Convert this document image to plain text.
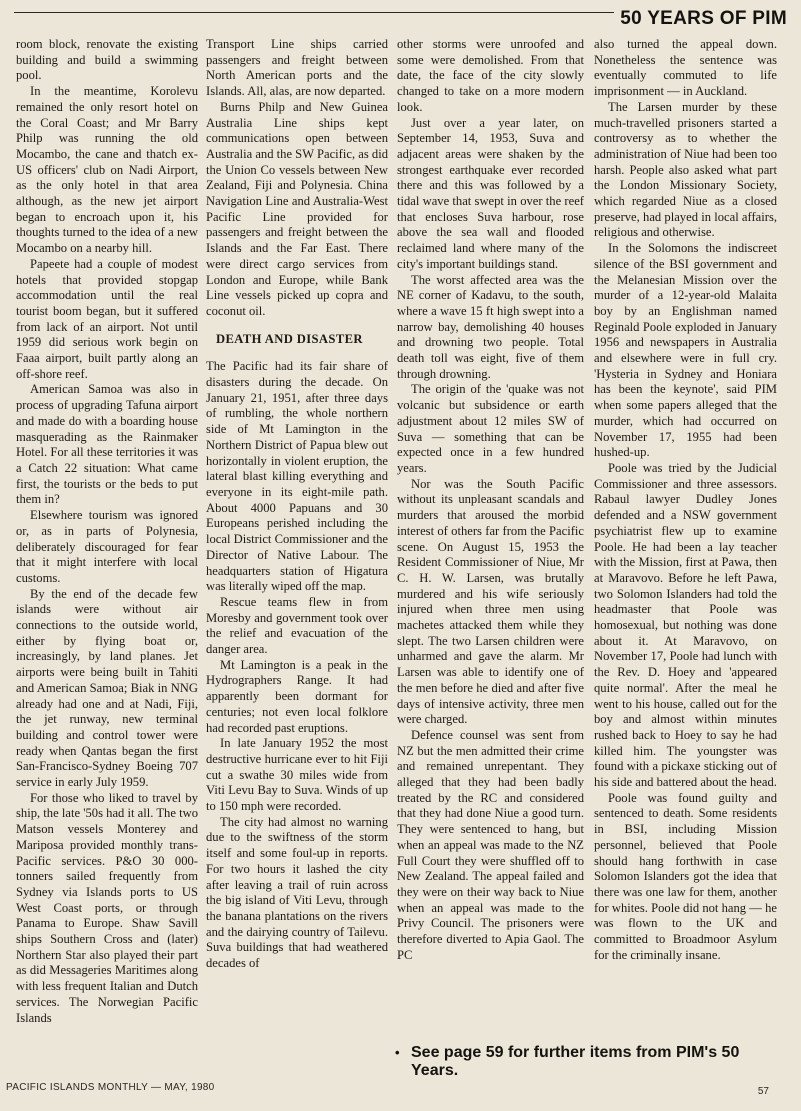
50 YEARS OF PIM

room block, renovate the existing building and build a swimming pool.

In the meantime, Korolevu remained the only resort hotel on the Coral Coast; and Mr Barry Philp was running the old Mocambo, the cane and thatch ex-US officers' club on Nadi Airport, as the only hotel in that area although, as the new jet airport began to encroach upon it, his thoughts turned to the idea of a new Mocambo on a nearby hill.

Papeete had a couple of modest hotels that provided stopgap accommodation until the real tourist boom began, but it suffered from lack of an airport. Not until 1959 did serious work begin on Faaa airport, built partly along an off-shore reef.

American Samoa was also in process of upgrading Tafuna airport and made do with a boarding house masquerading as the Rainmaker Hotel. For all these territories it was a Catch 22 situation: What came first, the tourists or the beds to put them in?

Elsewhere tourism was ignored or, as in parts of Polynesia, deliberately discouraged for fear that it might interfere with local customs.

By the end of the decade few islands were without air connections to the outside world, either by flying boat or, increasingly, by land planes. Jet airports were being built in Tahiti and American Samoa; Biak in NNG already had one and at Nadi, Fiji, the jet runway, new terminal building and control tower were ready when Qantas began the first San-Francisco-Sydney Boeing 707 service in early July 1959.

For those who liked to travel by ship, the late '50s had it all. The two Matson vessels Monterey and Mariposa provided monthly trans-Pacific services. P&O 30 000-tonners sailed frequently from Sydney via Islands ports to US West Coast ports, or through Panama to Europe. Shaw Savill ships Southern Cross and (later) Northern Star also played their part as did Messageries Maritimes along with less frequent Italian and Dutch services. The Norwegian Pacific Islands

Transport Line ships carried passengers and freight between North American ports and the Islands. All, alas, are now departed.

Burns Philp and New Guinea Australia Line ships kept communications open between Australia and the SW Pacific, as did the Union Co vessels between New Zealand, Fiji and Polynesia. China Navigation Line and Australia-West Pacific Line provided for passengers and freight between the Islands and the Far East. There were direct cargo services from London and Europe, while Bank Line vessels picked up copra and coconut oil.

DEATH AND DISASTER

The Pacific had its fair share of disasters during the decade. On January 21, 1951, after three days of rumbling, the whole northern side of Mt Lamington in the Northern District of Papua blew out horizontally in violent eruption, the lateral blast killing everything and everyone in its eight-mile path. About 4000 Papuans and 30 Europeans perished including the local District Commissioner and the Director of Native Labour. The headquarters station of Higatura was literally wiped off the map.

Rescue teams flew in from Moresby and government took over the relief and evacuation of the danger area.

Mt Lamington is a peak in the Hydrographers Range. It had apparently been dormant for centuries; not even local folklore had recorded past eruptions.

In late January 1952 the most destructive hurricane ever to hit Fiji cut a swathe 30 miles wide from Viti Levu Bay to Suva. Winds of up to 150 mph were recorded.

The city had almost no warning due to the swiftness of the storm itself and some foul-up in reports. For two hours it lashed the city after leaving a trail of ruin across the big island of Viti Levu, through the banana plantations on the rivers and the dairying country of Tailevu. Suva buildings that had weathered decades of

other storms were unroofed and some were demolished. From that date, the face of the city slowly changed to take on a more modern look.

Just over a year later, on September 14, 1953, Suva and adjacent areas were shaken by the strongest earthquake ever recorded there and this was followed by a tidal wave that swept in over the reef that encloses Suva harbour, rose above the sea wall and flooded reclaimed land where many of the city's important buildings stand.

The worst affected area was the NE corner of Kadavu, to the south, where a wave 15 ft high swept into a narrow bay, demolishing 40 houses and drowning two people. Total death toll was eight, five of them through drowning.

The origin of the 'quake was not volcanic but subsidence or earth adjustment about 12 miles SW of Suva — something that can be expected once in a few hundred years.

Nor was the South Pacific without its unpleasant scandals and murders that aroused the morbid interest of others far from the Pacific scene. On August 15, 1953 the Resident Commissioner of Niue, Mr C. H. W. Larsen, was brutally murdered and his wife seriously injured when three men using machetes attacked them while they slept. The two Larsen children were unharmed and gave the alarm. Mr Larsen was able to identify one of the men before he died and after five days of intensive activity, three men were charged.

Defence counsel was sent from NZ but the men admitted their crime and remained unrepentant. They alleged that they had been badly treated by the RC and considered that they had done Niue a good turn. They were sentenced to hang, but when an appeal was made to the NZ Full Court they were shuffled off to New Zealand. The appeal failed and they were on their way back to Niue when an appeal was made to the Privy Council. The prisoners were therefore diverted to Apia Gaol. The PC

also turned the appeal down. Nonetheless the sentence was eventually commuted to life imprisonment — in Auckland.

The Larsen murder by these much-travelled prisoners started a controversy as to whether the administration of Niue had been too harsh. People also asked what part the London Missionary Society, which regarded Niue as a closed preserve, had played in local affairs, religious and otherwise.

In the Solomons the indiscreet silence of the BSI government and the Melanesian Mission over the murder of a 12-year-old Malaita boy by an Englishman named Reginald Poole exploded in January 1956 and newspapers in Australia and elsewhere were in full cry. 'Hysteria in Sydney and Honiara has been the keynote', said PIM when some papers alleged that the murder, which had occurred on November 17, 1955 had been hushed-up.

Poole was tried by the Judicial Commissioner and three assessors. Rabaul lawyer Dudley Jones defended and a NSW government psychiatrist flew up to examine Poole. He had been a lay teacher with the Mission, first at Pawa, then at Maravovo. Before he left Pawa, two Solomon Islanders had told the headmaster that Poole was homosexual, but nothing was done about it. At Maravovo, on November 17, Poole had lunch with the Rev. D. Hoey and 'appeared quite normal'. After the meal he went to his house, called out for the boy and almost within minutes rushed back to Hoey to say he had killed him. The youngster was found with a pickaxe sticking out of his side and battered about the head.

Poole was found guilty and sentenced to death. Some residents in BSI, including Mission personnel, believed that Poole should hang forthwith in case Solomon Islanders got the idea that there was one law for them, another for whites. Poole did not hang — he was flown to the UK and committed to Broadmoor Asylum for the criminally insane.

• See page 59 for further items from PIM's 50 Years.
PACIFIC ISLANDS MONTHLY — MAY, 1980	57
